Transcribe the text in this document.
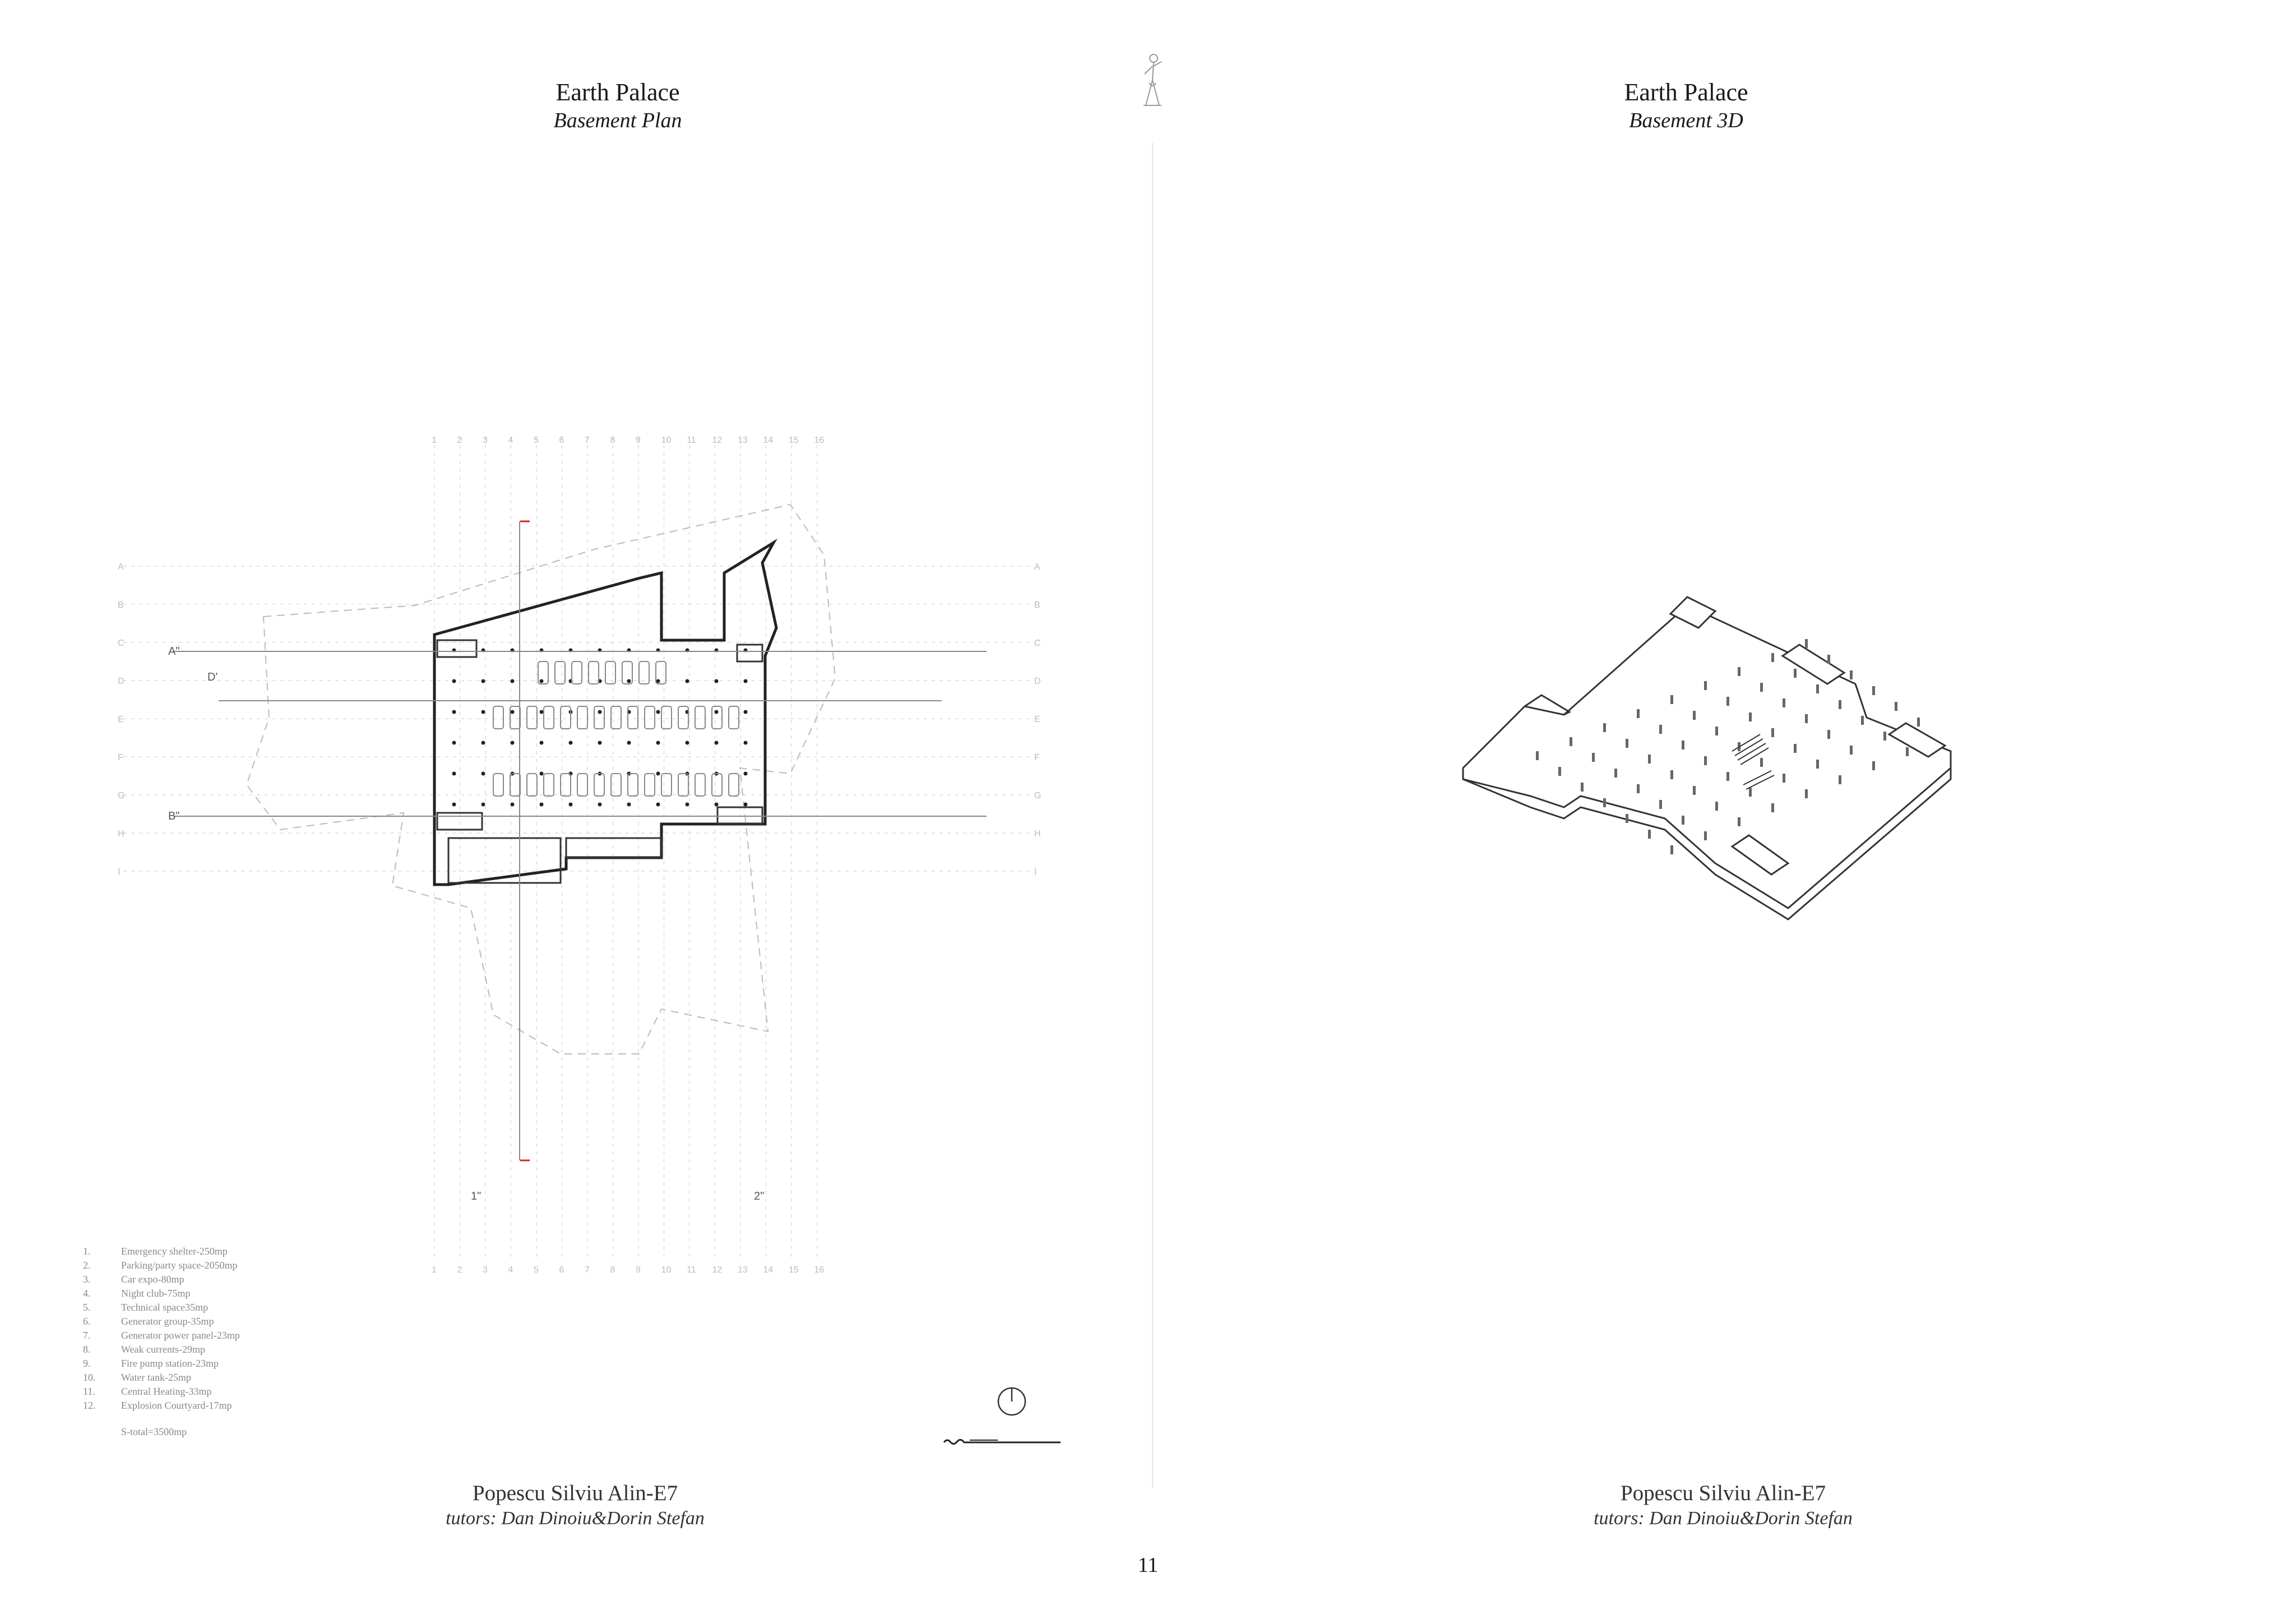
Earth Palace
Basement Plan
Earth Palace
Basement 3D
1
1
2
2
3
3
4
4
5
5
6
6
7
7
8
8
9
9
10
10
11
11
12
12
13
13
14
14
15
15
16
16
A	A
B	B
C	C
D	D
E	E
F	F
G	G
H	H
I	I
A"
B"
D'
1"	2"
1.	Emergency shelter-250mp
2.	Parking/party space-2050mp
3.	Car expo-80mp
4.	Night club-75mp
5.	Technical space35mp
6.	Generator group-35mp
7.	Generator power panel-23mp
8.	Weak currents-29mp
9.	Fire pump station-23mp
10.	Water tank-25mp
11.	Central Heating-33mp
12.	Explosion Courtyard-17mp
S-total=3500mp
Popescu Silviu Alin-E7
tutors: Dan Dinoiu&Dorin Stefan
Popescu Silviu Alin-E7
tutors: Dan Dinoiu&Dorin Stefan
11
